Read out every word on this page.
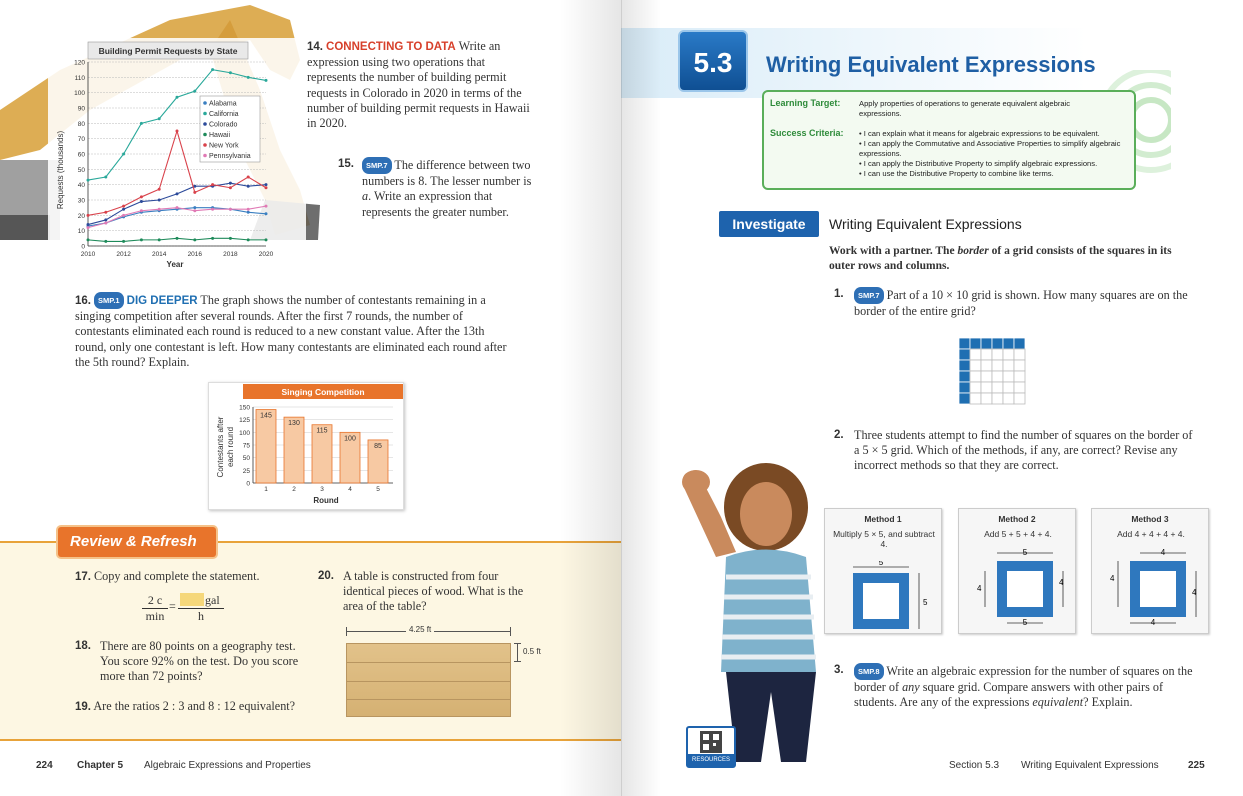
Building Permit Requests by State
0
10
20
30
40
50
60
70
80
90
100
110
120
2010	2012	2014	2016	2018	2020
Alabama
California
Colorado
Hawaii
New York
Pennsylvania
Year
Requests (thousands)
14. CONNECTING TO DATA Write an expression using two operations that represents the number of building permit requests in Colorado in 2020 in terms of the number of building permit requests in Hawaii in 2020.
15.	SMP.7 The difference between two numbers is 8. The lesser number is a. Write an expression that represents the greater number.
16. SMP.1 DIG DEEPER The graph shows the number of contestants remaining in a singing competition after several rounds. After the first 7 rounds, the number of contestants eliminated each round is reduced to a new constant value. After the 13th round, only one contestant is left. How many contestants are eliminated each round after the 5th round? Explain.
Singing Competition
0
25
50
75
100
125
150
145
1
130
2
115
3
100
4
85
5
Round
Contestants after each round
Review & Refresh
17. Copy and complete the statement.
2 c
min
= gal
h
20. A table is constructed from four identical pieces of wood. What is the area of the table?
4.25 ft
0.5 ft
18. There are 80 points on a geography test. You score 92% on the test. Do you score more than 72 points?
19. Are the ratios 2 : 3 and 8 : 12 equivalent?
224 Chapter 5 Algebraic Expressions and Properties
5.3	Writing Equivalent Expressions
Learning Target: Apply properties of operations to generate equivalent algebraic expressions.
Success Criteria: • I can explain what it means for algebraic expressions to be equivalent.
• I can apply the Commutative and Associative Properties to simplify algebraic expressions.
• I can apply the Distributive Property to simplify algebraic expressions.
• I can use the Distributive Property to combine like terms.
Investigate	Writing Equivalent Expressions
Work with a partner. The border of a grid consists of the squares in its outer rows and columns.
1.	SMP.7 Part of a 10 × 10 grid is shown. How many squares are on the border of the entire grid?
2. Three students attempt to find the number of squares on the border of a 5 × 5 grid. Which of the methods, if any, are correct? Revise any incorrect methods so that they are correct.
Method 1
Multiply 5 × 5, and subtract 4.
5
5
Method 2
Add 5 + 5 + 4 + 4.
5
4
4
5
Method 3
Add 4 + 4 + 4 + 4.
4
4
4
4
3.	SMP.8 Write an algebraic expression for the number of squares on the border of any square grid. Compare answers with other pairs of students. Are any of the expressions equivalent? Explain.
RESOURCES	Section 5.3 Writing Equivalent Expressions	225
